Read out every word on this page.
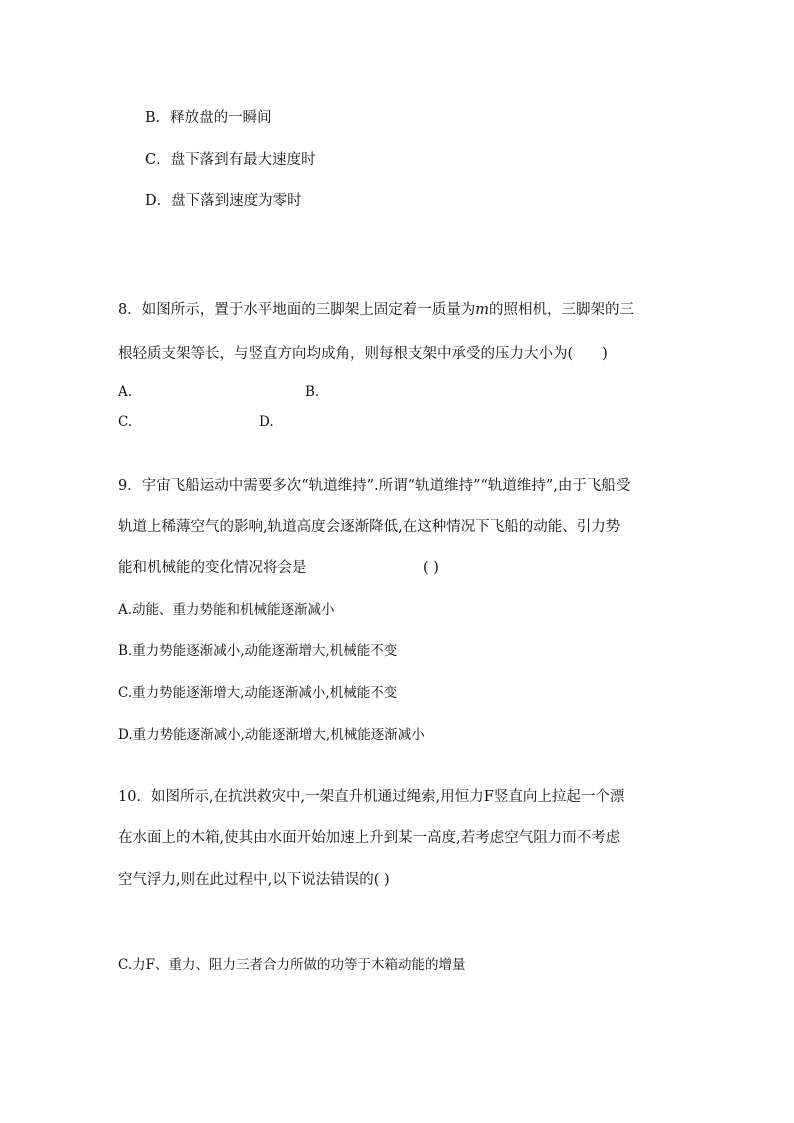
B．释放盘的一瞬间
C．盘下落到有最大速度时
D．盘下落到速度为零时
8．如图所示，置于水平地面的三脚架上固定着一质量为m的照相机，三脚架的三
根轻质支架等长，与竖直方向均成角，则每根支架中承受的压力大小为(　　)
A.	B.
C.	D.
9．宇宙飞船运动中需要多次“轨道维持”.所谓“轨道维持”“轨道维持”,由于飞船受
轨道上稀薄空气的影响,轨道高度会逐渐降低,在这种情况下飞船的动能、引力势
能和机械能的变化情况将会是	( )
A.动能、重力势能和机械能逐渐减小
B.重力势能逐渐减小,动能逐渐增大,机械能不变
C.重力势能逐渐增大,动能逐渐减小,机械能不变
D.重力势能逐渐减小,动能逐渐增大,机械能逐渐减小
10．如图所示,在抗洪救灾中,一架直升机通过绳索,用恒力F竖直向上拉起一个漂
在水面上的木箱,使其由水面开始加速上升到某一高度,若考虑空气阻力而不考虑
空气浮力,则在此过程中,以下说法错误的( )
C.力F、重力、阻力三者合力所做的功等于木箱动能的增量
